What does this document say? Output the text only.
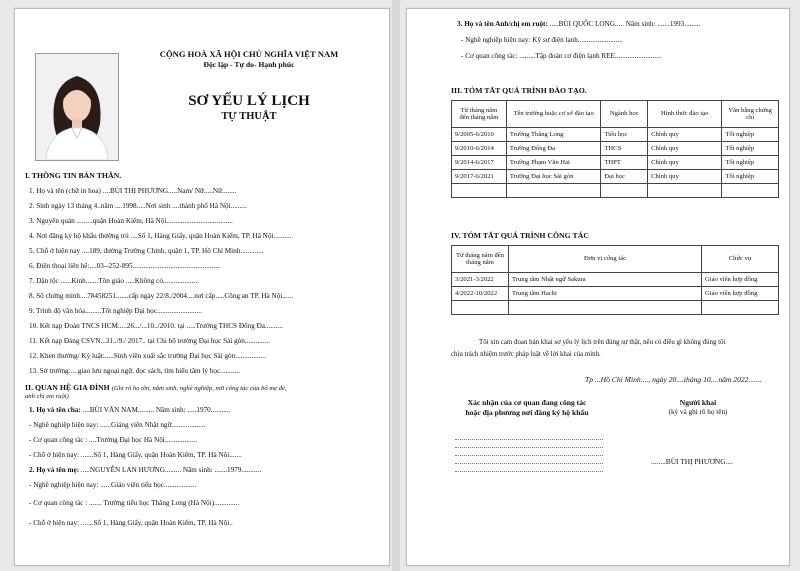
CỘNG HOÀ XÃ HỘI CHỦ NGHĨA VIỆT NAM
Độc lập - Tự do- Hạnh phúc
SƠ YẾU LÝ LỊCH
TỰ THUẬT
I. THÔNG TIN BẢN THÂN.
1. Họ và tên (chữ in hoa) ....BÙI THỊ PHƯƠNG.....Nam/ Nữ.....Nữ........
2. Sinh ngày 13 tháng 4..năm ....1998.....Nơi sinh ....thành phố Hà Nội.........
3. Nguyên quán .........quận Hoàn Kiếm, Hà Nội.....................................
4. Nơi đăng ký hộ khẩu thường trú ....Số 1, Hàng Giấy, quận Hoàn Kiếm, TP. Hà Nội..........
5. Chỗ ở hiện nay ....189, đường Trường Chinh, quận 1, TP. Hồ Chí Minh.............
6. Điện thoại liên hệ:....03--252-895.................................................
7. Dân tộc ......Kinh.......Tôn giáo .....Không có....................
8. Số chứng minh....78458251.......cấp ngày 22/8./2004....nơi cấp.....Công an TP. Hà Nội......
9. Trình độ văn hóa.........Tốt nghiệp Đại học.........................
10. Kết nạp Đoàn TNCS HCM.....26.../...10../2010. tại .....Trường THCS Đống Đa..........
11. Kết nạp Đảng CSVN...31../9./ 2017.. tại Chi bộ trường Đại học Sài gòn..............
12. Khen thưởng/ Kỷ luật:.....Sinh viên xuất sắc trường Đại học Sài gòn.................
13. Sở trường:....giao lưu ngoại ngữ, đọc sách, tìm hiểu tâm lý học...........
II. QUAN HỆ GIA ĐÌNH (Ghi rõ họ tên, năm sinh, nghề nghiệp, nơi công tác của bố mẹ đẻ,
anh chị em ruột)
1. Họ và tên cha: ....BÙI VĂN NAM......... Năm sinh: .....1970...........
- Nghề nghiệp hiện nay: ......Giảng viên Nhật ngữ...................
- Cơ quan công tác : ....Trường Đại học Hà Nội..................
- Chỗ ở hiện nay: .......Số 1, Hàng Giấy, quận Hoàn Kiếm, TP. Hà Nội.......
2. Họ và tên mẹ: .....NGUYỄN LAN HƯƠNG......... Năm sinh: .......1979...........
- Nghề nghiệp hiện nay: ......Giáo viên tiểu học..................
- Cơ quan công tác : ....... Trường tiểu học Thăng Long (Hà Nội)..............
- Chỗ ở hiện nay: .......Số 1, Hàng Giấy, quận Hoàn Kiếm, TP. Hà Nội..
3. Họ và tên Anh/chị em ruột: .....BÙI QUỐC LONG..... Năm sinh: .......1993.........
- Nghề nghiệp hiện nay: Kỹ sư điện lạnh.........................
- Cơ quan công tác: .........Tập đoàn cơ điện lạnh REE..........................
III. TÓM TẮT QUÁ TRÌNH ĐÀO TẠO.
Từ tháng năm đến tháng năm	Tên trường hoặc cơ sở đào tạo	Ngành học	Hình thức đào tạo	Văn bằng chứng chỉ
9/2005-6/2010	Trường Thăng Long	Tiểu học	Chính quy	Tốt nghiệp
9/2010-6/2014	Trường Đống Đa	THCS	Chính quy	Tốt nghiệp
9/2014-6/2017	Trường Phạm Văn Hai	THPT	Chính quy	Tốt nghiệp
9/2017-6/2021	Trường Đại học Sài gòn	Đại học	Chính quy	Tốt nghiệp

IV. TÓM TẮT QUÁ TRÌNH CÔNG TÁC
Từ tháng năm đến tháng năm	Đơn vị công tác	Chức vụ
3/2021-3/2022	Trung tâm Nhật ngữ Sakura	Giáo viên hợp đồng
4/2022-10/2022	Trung tâm Hachi	Giáo viên hợp đồng

Tôi xin cam đoan bản khai sơ yếu lý lịch trên đúng sự thật, nếu có điều gì không đúng tôi
chịu trách nhiệm trước pháp luật về lời khai của mình.
Tp ...Hồ Chí Minh...., ngày 20....tháng 10....năm 2022.......
Xác nhận của cơ quan đang công tác
hoặc địa phương nơi đăng ký hộ khẩu
Người khai
(ký và ghi rõ họ tên)
........BÙI THỊ PHƯƠNG....
